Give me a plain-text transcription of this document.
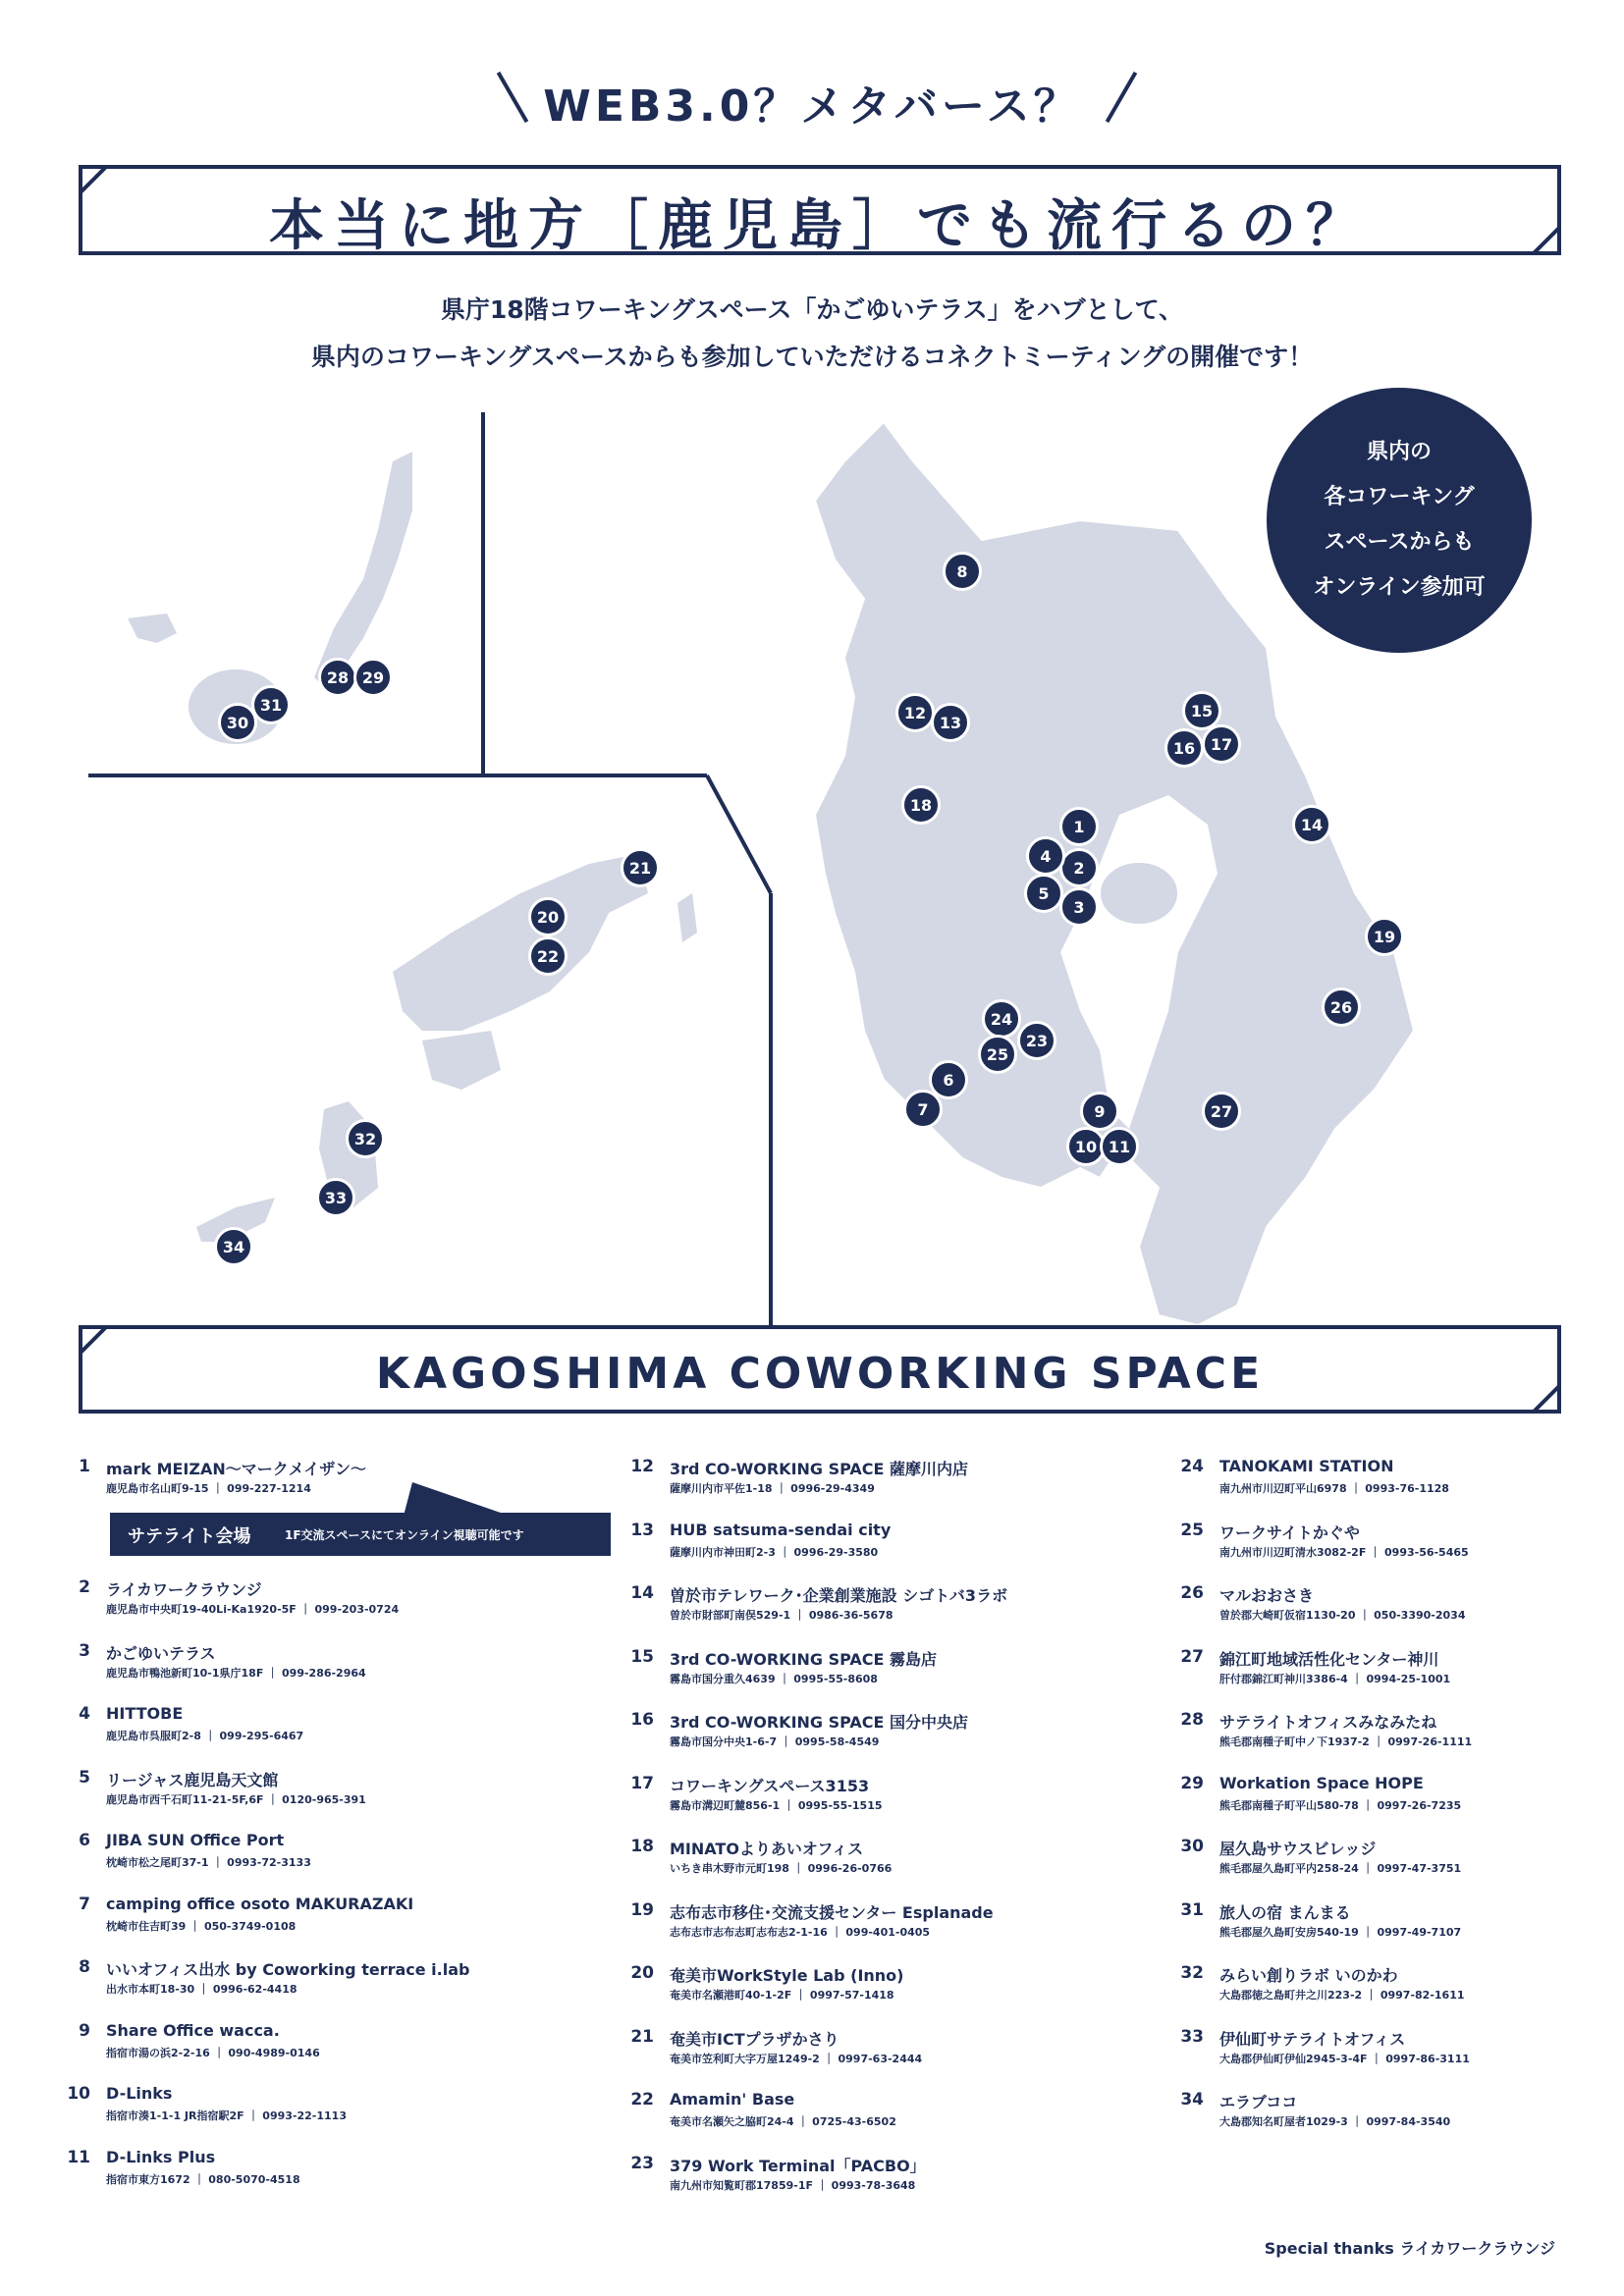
WEB3.0？メタバース？
本当に地方［鹿児島］でも流行るの？
県庁18階コワーキングスペース「かごゆいテラス」をハブとして、
県内のコワーキングスペースからも参加していただけるコネクトミーティングの開催です！
県内の
各コワーキング
スペースからも
オンライン参加可
1
2
3
4
5
6
7
8
9
10 11
12
13
14
15
16 17
18
19
20
21
22
23
24
25
26
27
28 29
30
31
32
33
34
KAGOSHIMA COWORKING SPACE
1 mark MEIZAN〜マークメイザン〜
鹿児島市名山町9-15 ｜ 099-227-1214
2 ライカワークラウンジ
鹿児島市中央町19-40Li-Ka1920-5F ｜ 099-203-0724
3 かごゆいテラス
鹿児島市鴨池新町10-1県庁18F ｜ 099-286-2964
4 HITTOBE
鹿児島市呉服町2-8 ｜ 099-295-6467
5 リージャス鹿児島天文館
鹿児島市西千石町11-21-5F,6F ｜ 0120-965-391
6 JIBA SUN Office Port
枕崎市松之尾町37-1 ｜ 0993-72-3133
7 camping office osoto MAKURAZAKI
枕崎市住吉町39 ｜ 050-3749-0108
8 いいオフィス出水 by Coworking terrace i.lab
出水市本町18-30 ｜ 0996-62-4418
9 Share Office wacca.
指宿市湯の浜2-2-16 ｜ 090-4989-0146
10 D-Links
指宿市湊1-1-1 JR指宿駅2F ｜ 0993-22-1113
11 D-Links Plus
指宿市東方1672 ｜ 080-5070-4518
12 3rd CO-WORKING SPACE 薩摩川内店
薩摩川内市平佐1-18 ｜ 0996-29-4349
13 HUB satsuma-sendai city
薩摩川内市神田町2-3 ｜ 0996-29-3580
14 曽於市テレワーク･企業創業施設 シゴトバ3ラボ
曽於市財部町南俣529-1 ｜ 0986-36-5678
15 3rd CO-WORKING SPACE 霧島店
霧島市国分重久4639 ｜ 0995-55-8608
16 3rd CO-WORKING SPACE 国分中央店
霧島市国分中央1-6-7 ｜ 0995-58-4549
17 コワーキングスペース3153
霧島市溝辺町麓856-1 ｜ 0995-55-1515
18 MINATOよりあいオフィス
いちき串木野市元町198 ｜ 0996-26-0766
19 志布志市移住･交流支援センター Esplanade
志布志市志布志町志布志2-1-16 ｜ 099-401-0405
20 奄美市WorkStyle Lab (Inno)
奄美市名瀬港町40-1-2F ｜ 0997-57-1418
21 奄美市ICTプラザかさり
奄美市笠利町大字万屋1249-2 ｜ 0997-63-2444
22 Amamin' Base
奄美市名瀬矢之脇町24-4 ｜ 0725-43-6502
23 379 Work Terminal「PACBO」
南九州市知覧町郡17859-1F ｜ 0993-78-3648
24 TANOKAMI STATION
南九州市川辺町平山6978 ｜ 0993-76-1128
25 ワークサイトかぐや
南九州市川辺町清水3082-2F ｜ 0993-56-5465
26 マルおおさき
曽於郡大崎町仮宿1130-20 ｜ 050-3390-2034
27 錦江町地域活性化センター神川
肝付郡錦江町神川3386-4 ｜ 0994-25-1001
28 サテライトオフィスみなみたね
熊毛郡南種子町中ノ下1937-2 ｜ 0997-26-1111
29 Workation Space HOPE
熊毛郡南種子町平山580-78 ｜ 0997-26-7235
30 屋久島サウスビレッジ
熊毛郡屋久島町平内258-24 ｜ 0997-47-3751
31 旅人の宿 まんまる
熊毛郡屋久島町安房540-19 ｜ 0997-49-7107
32 みらい創りラボ いのかわ
大島郡徳之島町井之川223-2 ｜ 0997-82-1611
33 伊仙町サテライトオフィス
大島郡伊仙町伊仙2945-3-4F ｜ 0997-86-3111
34 エラブココ
大島郡知名町屋者1029-3 ｜ 0997-84-3540
サテライト会場	1F交流スペースにてオンライン視聴可能です
Special thanks ライカワークラウンジ
